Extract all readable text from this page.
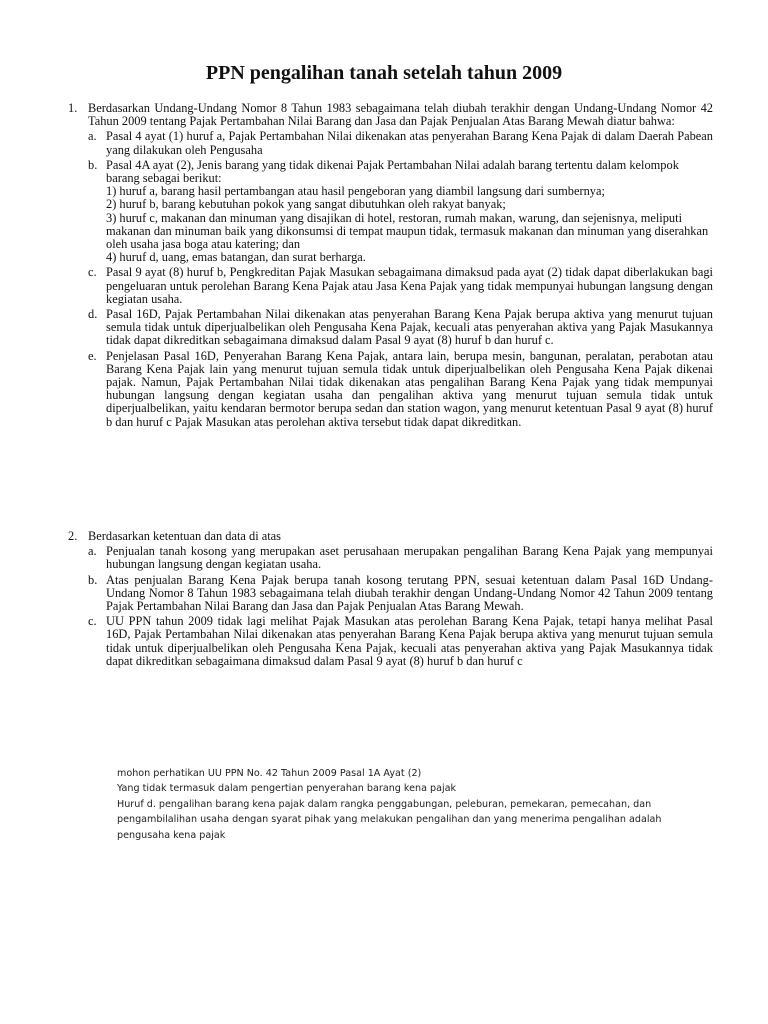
PPN pengalihan tanah setelah tahun 2009
1. Berdasarkan Undang-Undang Nomor 8 Tahun 1983 sebagaimana telah diubah terakhir dengan Undang-Undang Nomor 42 Tahun 2009 tentang Pajak Pertambahan Nilai Barang dan Jasa dan Pajak Penjualan Atas Barang Mewah diatur bahwa:
a. Pasal 4 ayat (1) huruf a, Pajak Pertambahan Nilai dikenakan atas penyerahan Barang Kena Pajak di dalam Daerah Pabean yang dilakukan oleh Pengusaha
b. Pasal 4A ayat (2), Jenis barang yang tidak dikenai Pajak Pertambahan Nilai adalah barang tertentu dalam kelompok barang sebagai berikut:
1) huruf a, barang hasil pertambangan atau hasil pengeboran yang diambil langsung dari sumbernya;
2) huruf b, barang kebutuhan pokok yang sangat dibutuhkan oleh rakyat banyak;
3) huruf c, makanan dan minuman yang disajikan di hotel, restoran, rumah makan, warung, dan sejenisnya, meliputi makanan dan minuman baik yang dikonsumsi di tempat maupun tidak, termasuk makanan dan minuman yang diserahkan oleh usaha jasa boga atau katering; dan
4) huruf d, uang, emas batangan, dan surat berharga.
c. Pasal 9 ayat (8) huruf b, Pengkreditan Pajak Masukan sebagaimana dimaksud pada ayat (2) tidak dapat diberlakukan bagi pengeluaran untuk perolehan Barang Kena Pajak atau Jasa Kena Pajak yang tidak mempunyai hubungan langsung dengan kegiatan usaha.
d. Pasal 16D, Pajak Pertambahan Nilai dikenakan atas penyerahan Barang Kena Pajak berupa aktiva yang menurut tujuan semula tidak untuk diperjualbelikan oleh Pengusaha Kena Pajak, kecuali atas penyerahan aktiva yang Pajak Masukannya tidak dapat dikreditkan sebagaimana dimaksud dalam Pasal 9 ayat (8) huruf b dan huruf c.
e. Penjelasan Pasal 16D, Penyerahan Barang Kena Pajak, antara lain, berupa mesin, bangunan, peralatan, perabotan atau Barang Kena Pajak lain yang menurut tujuan semula tidak untuk diperjualbelikan oleh Pengusaha Kena Pajak dikenai pajak. Namun, Pajak Pertambahan Nilai tidak dikenakan atas pengalihan Barang Kena Pajak yang tidak mempunyai hubungan langsung dengan kegiatan usaha dan pengalihan aktiva yang menurut tujuan semula tidak untuk diperjualbelikan, yaitu kendaran bermotor berupa sedan dan station wagon, yang menurut ketentuan Pasal 9 ayat (8) huruf b dan huruf c Pajak Masukan atas perolehan aktiva tersebut tidak dapat dikreditkan.
2. Berdasarkan ketentuan dan data di atas
a. Penjualan tanah kosong yang merupakan aset perusahaan merupakan pengalihan Barang Kena Pajak yang mempunyai hubungan langsung dengan kegiatan usaha.
b. Atas penjualan Barang Kena Pajak berupa tanah kosong terutang PPN, sesuai ketentuan dalam Pasal 16D Undang-Undang Nomor 8 Tahun 1983 sebagaimana telah diubah terakhir dengan Undang-Undang Nomor 42 Tahun 2009 tentang Pajak Pertambahan Nilai Barang dan Jasa dan Pajak Penjualan Atas Barang Mewah.
c. UU PPN tahun 2009 tidak lagi melihat Pajak Masukan atas perolehan Barang Kena Pajak, tetapi hanya melihat Pasal 16D, Pajak Pertambahan Nilai dikenakan atas penyerahan Barang Kena Pajak berupa aktiva yang menurut tujuan semula tidak untuk diperjualbelikan oleh Pengusaha Kena Pajak, kecuali atas penyerahan aktiva yang Pajak Masukannya tidak dapat dikreditkan sebagaimana dimaksud dalam Pasal 9 ayat (8) huruf b dan huruf c
mohon perhatikan UU PPN No. 42 Tahun 2009 Pasal 1A Ayat (2)
Yang tidak termasuk dalam pengertian penyerahan barang kena pajak
Huruf d. pengalihan barang kena pajak dalam rangka penggabungan, peleburan, pemekaran, pemecahan, dan
pengambilalihan usaha dengan syarat pihak yang melakukan pengalihan dan yang menerima pengalihan adalah
pengusaha kena pajak
